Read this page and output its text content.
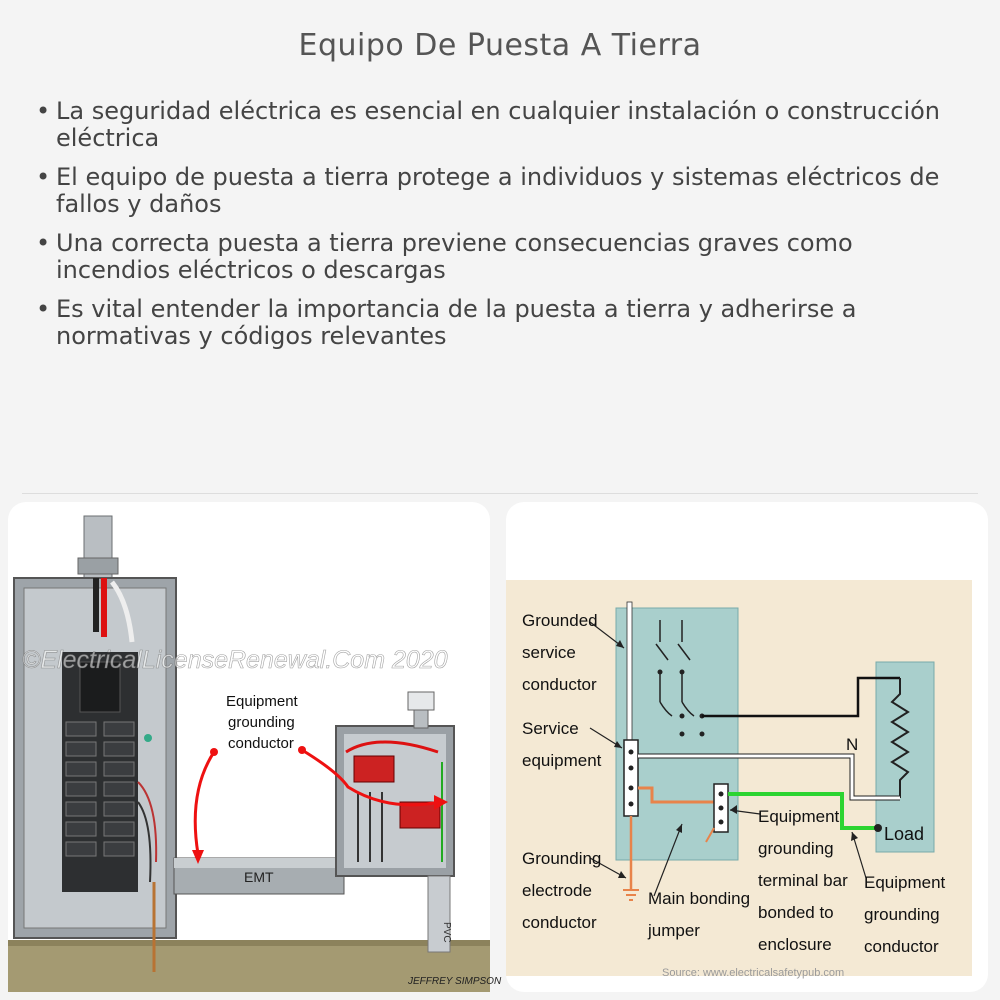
Equipo De Puesta A Tierra
• La seguridad eléctrica es esencial en cualquier instalación o construcción eléctrica
• El equipo de puesta a tierra protege a individuos y sistemas eléctricos de fallos y daños
• Una correcta puesta a tierra previene consecuencias graves como incendios eléctricos o descargas
• Es vital entender la importancia de la puesta a tierra y adherirse a normativas y códigos relevantes
EMT
PVC
Equipment
grounding
conductor
©ElectricalLicenseRenewal.Com 2020
JEFFREY SIMPSON
N
Load
Grounded
service
conductor
Service
equipment
Grounding
electrode
conductor
Main bonding
jumper
Equipment
grounding
terminal bar
bonded to
enclosure
Equipment
grounding
conductor
Source: www.electricalsafetypub.com
